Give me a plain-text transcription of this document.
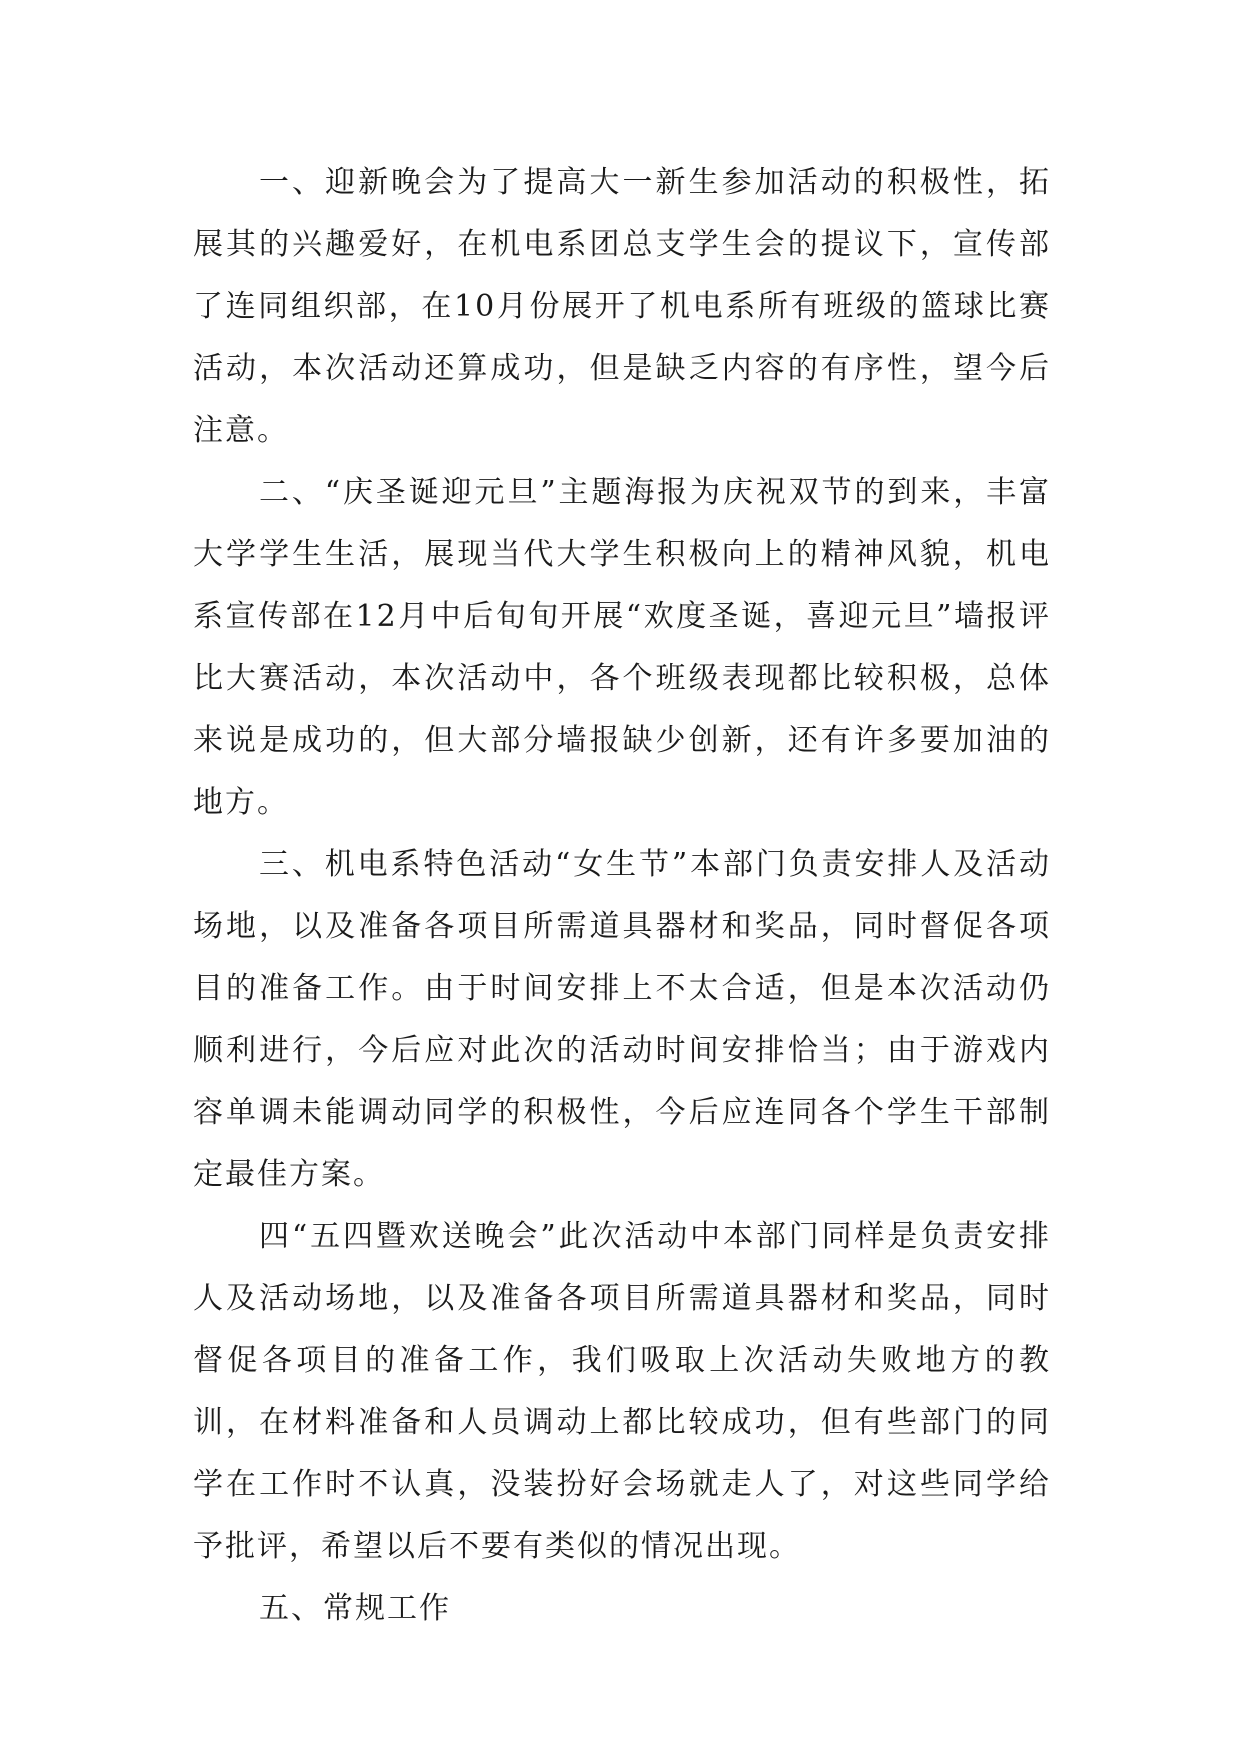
一、迎新晚会为了提高大一新生参加活动的积极性，拓展其的兴趣爱好，在机电系团总支学生会的提议下，宣传部了连同组织部，在10月份展开了机电系所有班级的篮球比赛活动，本次活动还算成功，但是缺乏内容的有序性，望今后注意。

二、“庆圣诞迎元旦”主题海报为庆祝双节的到来，丰富大学学生生活，展现当代大学生积极向上的精神风貌，机电系宣传部在12月中后旬旬开展“欢度圣诞，喜迎元旦”墙报评比大赛活动，本次活动中，各个班级表现都比较积极，总体来说是成功的，但大部分墙报缺少创新，还有许多要加油的地方。

三、机电系特色活动“女生节”本部门负责安排人及活动场地，以及准备各项目所需道具器材和奖品，同时督促各项目的准备工作。由于时间安排上不太合适，但是本次活动仍顺利进行，今后应对此次的活动时间安排恰当；由于游戏内容单调未能调动同学的积极性，今后应连同各个学生干部制定最佳方案。

四“五四暨欢送晚会”此次活动中本部门同样是负责安排人及活动场地，以及准备各项目所需道具器材和奖品，同时督促各项目的准备工作，我们吸取上次活动失败地方的教训，在材料准备和人员调动上都比较成功，但有些部门的同学在工作时不认真，没装扮好会场就走人了，对这些同学给予批评，希望以后不要有类似的情况出现。

五、常规工作
